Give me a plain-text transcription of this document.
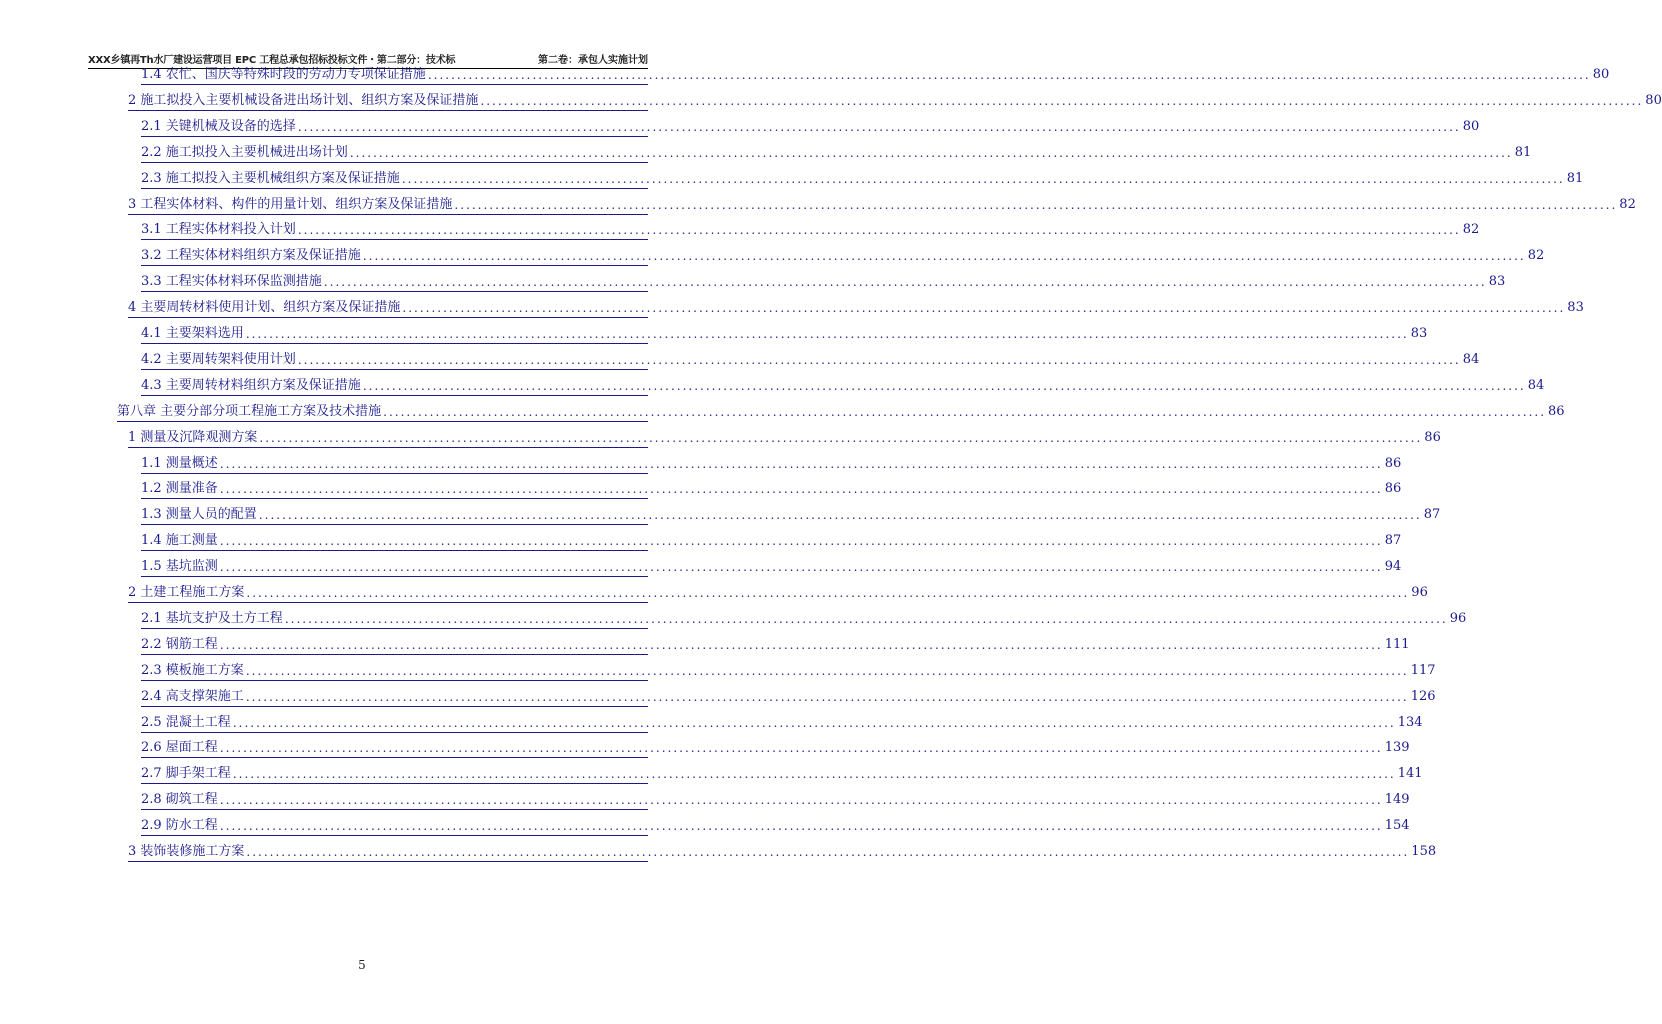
XXX乡镇再Th水厂建设运营项目 EPC 工程总承包招标投标文件・第二部分：技术标	第二卷：承包人实施计划
1.4 农忙、国庆等特殊时段的劳动力专项保证措施 ........................................................................................................................................................................................................ 80
2 施工拟投入主要机械设备进出场计划、组织方案及保证措施 ........................................................................................................................................................................................................ 80
2.1 关键机械及设备的选择 ........................................................................................................................................................................................................ 80
2.2 施工拟投入主要机械进出场计划 ........................................................................................................................................................................................................ 81
2.3 施工拟投入主要机械组织方案及保证措施 ........................................................................................................................................................................................................ 81
3 工程实体材料、构件的用量计划、组织方案及保证措施 ........................................................................................................................................................................................................ 82
3.1 工程实体材料投入计划 ........................................................................................................................................................................................................ 82
3.2 工程实体材料组织方案及保证措施 ........................................................................................................................................................................................................ 82
3.3 工程实体材料环保监测措施 ........................................................................................................................................................................................................ 83
4 主要周转材料使用计划、组织方案及保证措施 ........................................................................................................................................................................................................ 83
4.1 主要架料选用 ........................................................................................................................................................................................................ 83
4.2 主要周转架料使用计划 ........................................................................................................................................................................................................ 84
4.3 主要周转材料组织方案及保证措施 ........................................................................................................................................................................................................ 84
第八章 主要分部分项工程施工方案及技术措施 ........................................................................................................................................................................................................ 86
1 测量及沉降观测方案 ........................................................................................................................................................................................................ 86
1.1 测量概述 ........................................................................................................................................................................................................ 86
1.2 测量准备 ........................................................................................................................................................................................................ 86
1.3 测量人员的配置 ........................................................................................................................................................................................................ 87
1.4 施工测量 ........................................................................................................................................................................................................ 87
1.5 基坑监测 ........................................................................................................................................................................................................ 94
2 土建工程施工方案 ........................................................................................................................................................................................................ 96
2.1 基坑支护及土方工程 ........................................................................................................................................................................................................ 96
2.2 钢筋工程 ........................................................................................................................................................................................................ 111
2.3 模板施工方案 ........................................................................................................................................................................................................ 117
2.4 高支撑架施工 ........................................................................................................................................................................................................ 126
2.5 混凝土工程 ........................................................................................................................................................................................................ 134
2.6 屋面工程 ........................................................................................................................................................................................................ 139
2.7 脚手架工程 ........................................................................................................................................................................................................ 141
2.8 砌筑工程 ........................................................................................................................................................................................................ 149
2.9 防水工程 ........................................................................................................................................................................................................ 154
3 装饰装修施工方案 ........................................................................................................................................................................................................ 158
5
